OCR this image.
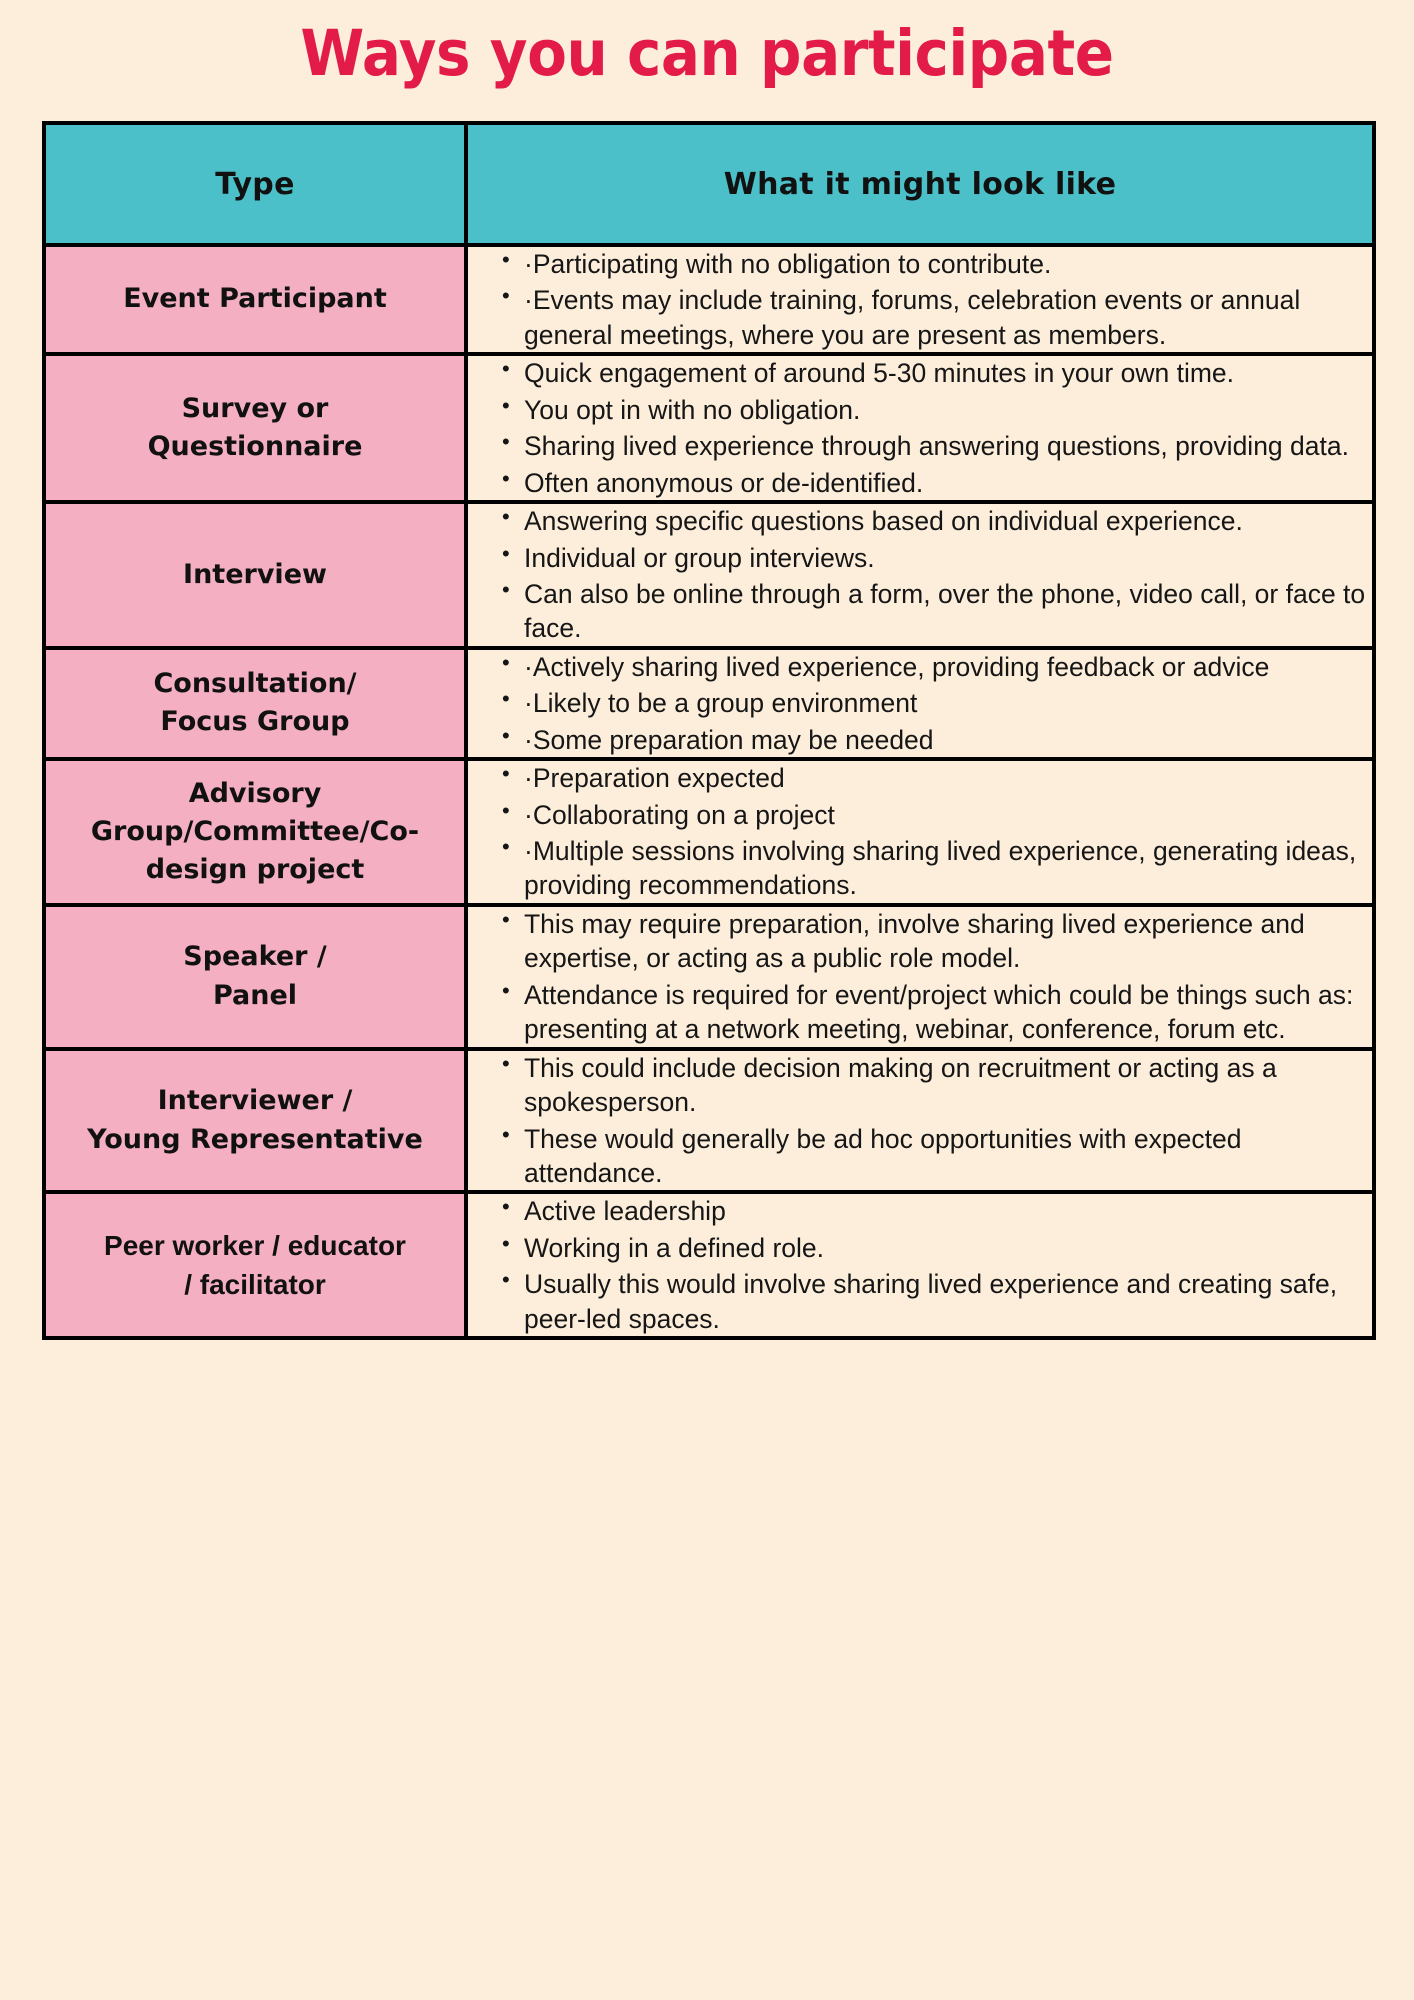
Ways you can participate
Type	What it might look like
Event Participant	
• ·Participating with no obligation to contribute.
• ·Events may include training, forums, celebration events or annual general meetings, where you are present as members.

Survey or
Questionnaire	
• Quick engagement of around 5-30 minutes in your own time.
• You opt in with no obligation.
• Sharing lived experience through answering questions, providing data.
• Often anonymous or de-identified.

Interview	
• Answering specific questions based on individual experience.
• Individual or group interviews.
• Can also be online through a form, over the phone, video call, or face to face.

Consultation/
Focus Group	
• ·Actively sharing lived experience, providing feedback or advice
• ·Likely to be a group environment
• ·Some preparation may be needed

Advisory
Group/Committee/Co-
design project	
• ·Preparation expected
• ·Collaborating on a project
• ·Multiple sessions involving sharing lived experience, generating ideas, providing recommendations.

Speaker /
Panel	
• This may require preparation, involve sharing lived experience and expertise, or acting as a public role model.
• Attendance is required for event/project which could be things such as: presenting at a network meeting, webinar, conference, forum etc.

Interviewer /
Young Representative	
• This could include decision making on recruitment or acting as a spokesperson.
• These would generally be ad hoc opportunities with expected attendance.

Peer worker / educator
/ facilitator	
• Active leadership
• Working in a defined role.
• Usually this would involve sharing lived experience and creating safe, peer-led spaces.
